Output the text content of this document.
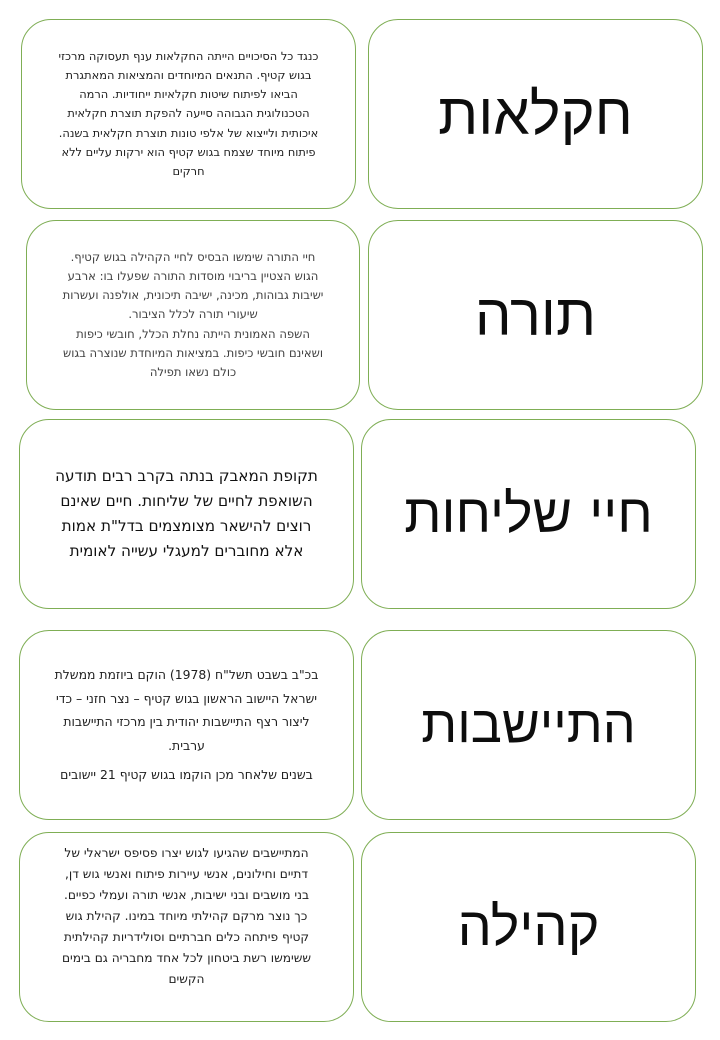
כנגד כל הסיכויים הייתה החקלאות ענף תעסוקה מרכזי

בגוש קטיף. התנאים המיוחדים והמציאות המאתגרת

הביאו לפיתוח שיטות חקלאיות ייחודיות. הרמה

הטכנולוגית הגבוהה סייעה להפקת תוצרת חקלאית

איכותית ולייצוא של אלפי טונות תוצרת חקלאית בשנה.

פיתוח מיוחד שצמח בגוש קטיף הוא ירקות עליים ללא

חרקים

חקלאות

חיי התורה שימשו הבסיס לחיי הקהילה בגוש קטיף.

הגוש הצטיין בריבוי מוסדות התורה שפעלו בו: ארבע

ישיבות גבוהות, מכינה, ישיבה תיכונית, אולפנה ועשרות

שיעורי תורה לכלל הציבור.

השפה האמונית הייתה נחלת הכלל, חובשי כיפות

ושאינם חובשי כיפות. במציאות המיוחדת שנוצרה בגוש

כולם נשאו תפילה

תורה

תקופת המאבק בנתה בקרב רבים תודעה

השואפת לחיים של שליחות. חיים שאינם

רוצים להישאר מצומצמים בדל"ת אמות

אלא מחוברים למעגלי עשייה לאומית

חיי שליחות

בכ"ב בשבט תשל"ח (1978) הוקם ביוזמת ממשלת

ישראל היישוב הראשון בגוש קטיף – נצר חזני – כדי

ליצור רצף התיישבות יהודית בין מרכזי התיישבות

ערבית.

בשנים שלאחר מכן הוקמו בגוש קטיף 21 יישובים

התיישבות

המתיישבים שהגיעו לגוש יצרו פסיפס ישראלי של

דתיים וחילונים, אנשי עיירות פיתוח ואנשי גוש דן,

בני מושבים ובני ישיבות, אנשי תורה ועמלי כפיים.

כך נוצר מרקם קהילתי מיוחד במינו. קהילת גוש

קטיף פיתחה כלים חברתיים וסולידריות קהילתית

ששימשו רשת ביטחון לכל אחד מחבריה גם בימים

הקשים

קהילה
